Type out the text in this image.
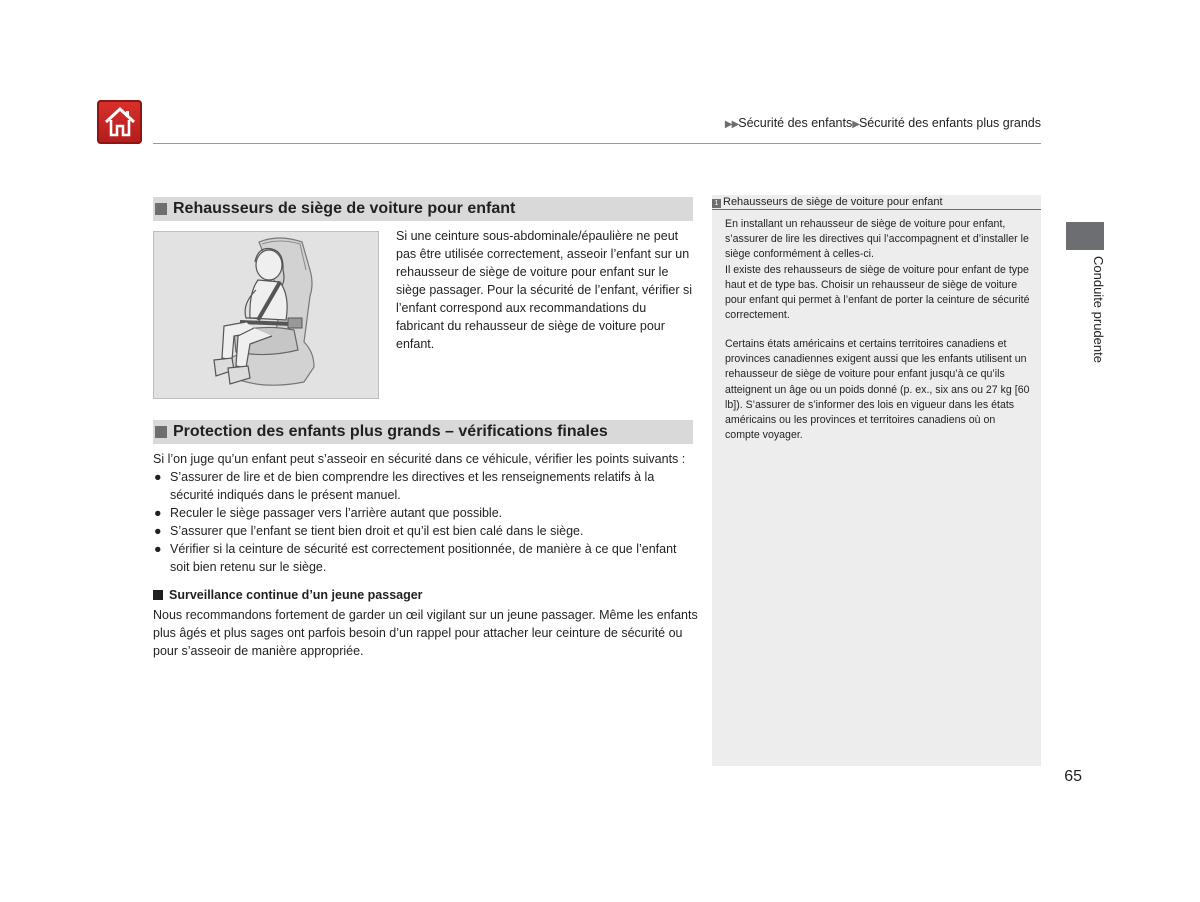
▶▶Sécurité des enfants▶Sécurité des enfants plus grands
Rehausseurs de siège de voiture pour enfant
Si une ceinture sous-abdominale/épaulière ne peut pas être utilisée correctement, asseoir l’enfant sur un rehausseur de siège de voiture pour enfant sur le siège passager. Pour la sécurité de l’enfant, vérifier si l’enfant correspond aux recommandations du fabricant du rehausseur de siège de voiture pour enfant.
Protection des enfants plus grands – vérifications finales
Si l’on juge qu’un enfant peut s’asseoir en sécurité dans ce véhicule, vérifier les points suivants :
● S’assurer de lire et de bien comprendre les directives et les renseignements relatifs à la sécurité indiqués dans le présent manuel.
● Reculer le siège passager vers l’arrière autant que possible.
● S’assurer que l’enfant se tient bien droit et qu’il est bien calé dans le siège.
● Vérifier si la ceinture de sécurité est correctement positionnée, de manière à ce que l’enfant soit bien retenu sur le siège.
Surveillance continue d’un jeune passager
Nous recommandons fortement de garder un œil vigilant sur un jeune passager. Même les enfants plus âgés et plus sages ont parfois besoin d’un rappel pour attacher leur ceinture de sécurité ou pour s’asseoir de manière appropriée.
1 Rehausseurs de siège de voiture pour enfant
En installant un rehausseur de siège de voiture pour enfant, s’assurer de lire les directives qui l’accompagnent et d’installer le siège conformément à celles-ci.
Il existe des rehausseurs de siège de voiture pour enfant de type haut et de type bas. Choisir un rehausseur de siège de voiture pour enfant qui permet à l’enfant de porter la ceinture de sécurité correctement.
Certains états américains et certains territoires canadiens et provinces canadiennes exigent aussi que les enfants utilisent un rehausseur de siège de voiture pour enfant jusqu’à ce qu’ils atteignent un âge ou un poids donné (p. ex., six ans ou 27 kg [60 lb]). S’assurer de s’informer des lois en vigueur dans les états américains ou les provinces et territoires canadiens où on compte voyager.
Conduite prudente
65
